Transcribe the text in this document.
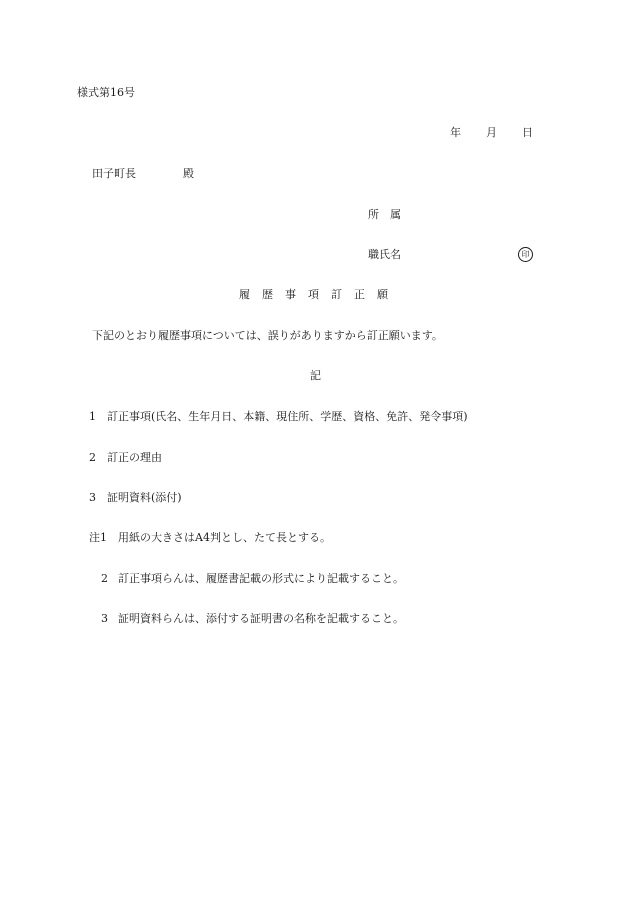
様式第16号
年 月 日
田子町長	殿
所　属
職氏名	印
履歴事項訂正願
下記のとおり履歴事項については、誤りがありますから訂正願います。
記
1 訂正事項(氏名、生年月日、本籍、現住所、学歴、資格、免許、発令事項)
2 訂正の理由
3 証明資料(添付)
注1 用紙の大きさはA4判とし、たて長とする。
2 訂正事項らんは、履歴書記載の形式により記載すること。
3 証明資料らんは、添付する証明書の名称を記載すること。
